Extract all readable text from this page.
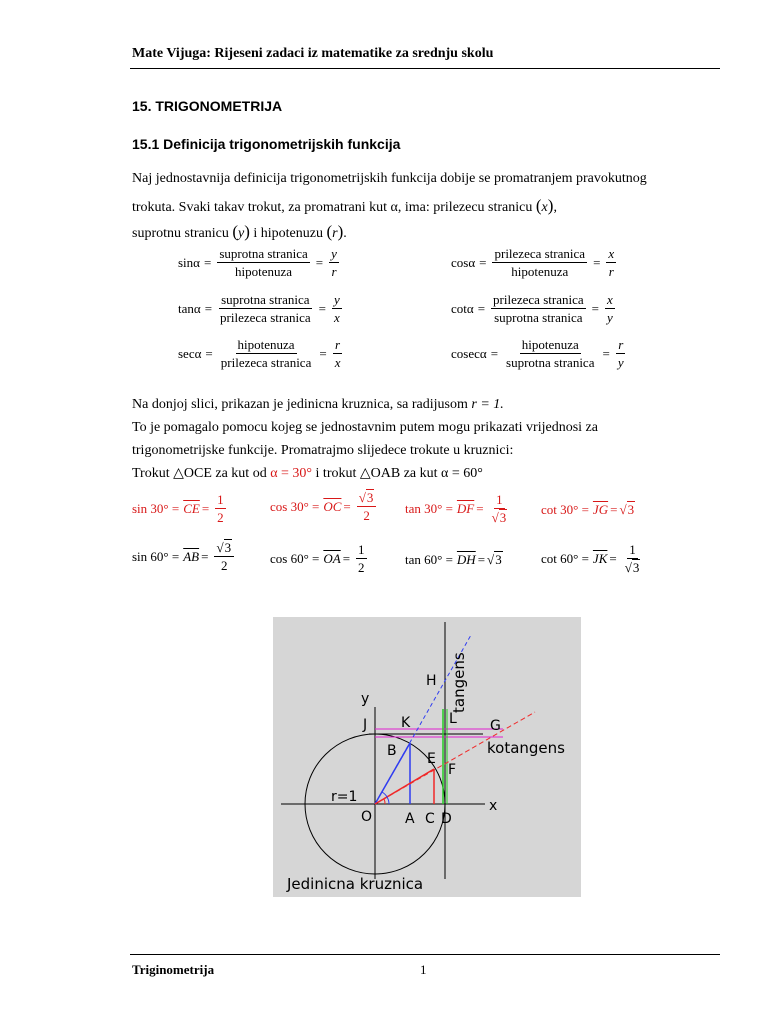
Mate Vijuga: Rijeseni zadaci iz matematike za srednju skolu
15. TRIGONOMETRIJA
15.1 Definicija trigonometrijskih funkcija
Naj jednostavnija definicija trigonometrijskih funkcija dobije se promatranjem pravokutnog
trokuta. Svaki takav trokut, za promatrani kut α, ima: prilezecu stranicu (x),
suprotnu stranicu (y) i hipotenuzu (r).
$\sin\alpha = \frac{\text{suprotna stranica}}{\text{hipotenuza}} = \frac{y}{r}$	$\cos\alpha = \frac{\text{prilezeca stranica}}{\text{hipotenuza}} = \frac{x}{r}$
$\tan\alpha = \frac{\text{suprotna stranica}}{\text{prilezeca stranica}} = \frac{y}{x}$	$\cot\alpha = \frac{\text{prilezeca stranica}}{\text{suprotna stranica}} = \frac{x}{y}$
$\sec\alpha = \frac{\text{hipotenuza}}{\text{prilezeca stranica}} = \frac{r}{x}$	$cosec\alpha = \frac{\text{hipotenuza}}{\text{suprotna stranica}} = \frac{r}{y}$
Na donjoj slici, prikazan je jedinicna kruznica, sa radijusom r = 1.
To je pomagalo pomocu kojeg se jednostavnim putem mogu prikazati vrijednosi za
trigonometrijske funkcije. Promatrajmo slijedece trokute u kruznici:
Trokut △OCE za kut od α = 30° i trokut △OAB za kut α = 60°
$\sin 30^\circ = \overline{CE} = \frac{1}{2}$	$\cos 30^\circ = \overline{OC} = \frac{√3}{2}$ $\tan 30^\circ = \overline{DF} = \frac{1}{√3}$ $\cot 30^\circ = \overline{JG} = √3$
$\sin 60^\circ = \overline{AB} = \frac{√3}{2}$	$\cos 60^\circ = \overline{OA} = \frac{1}{2}$	$\tan 60^\circ = \overline{DH} = √3$	$\cot 60^\circ = \overline{JK} = \frac{1}{√3}$
y
x
J K	G
H
L
B E
F
O A C D
r=1
kotangens
tangens
Jedinicna kruznica
Triginometrija	1
